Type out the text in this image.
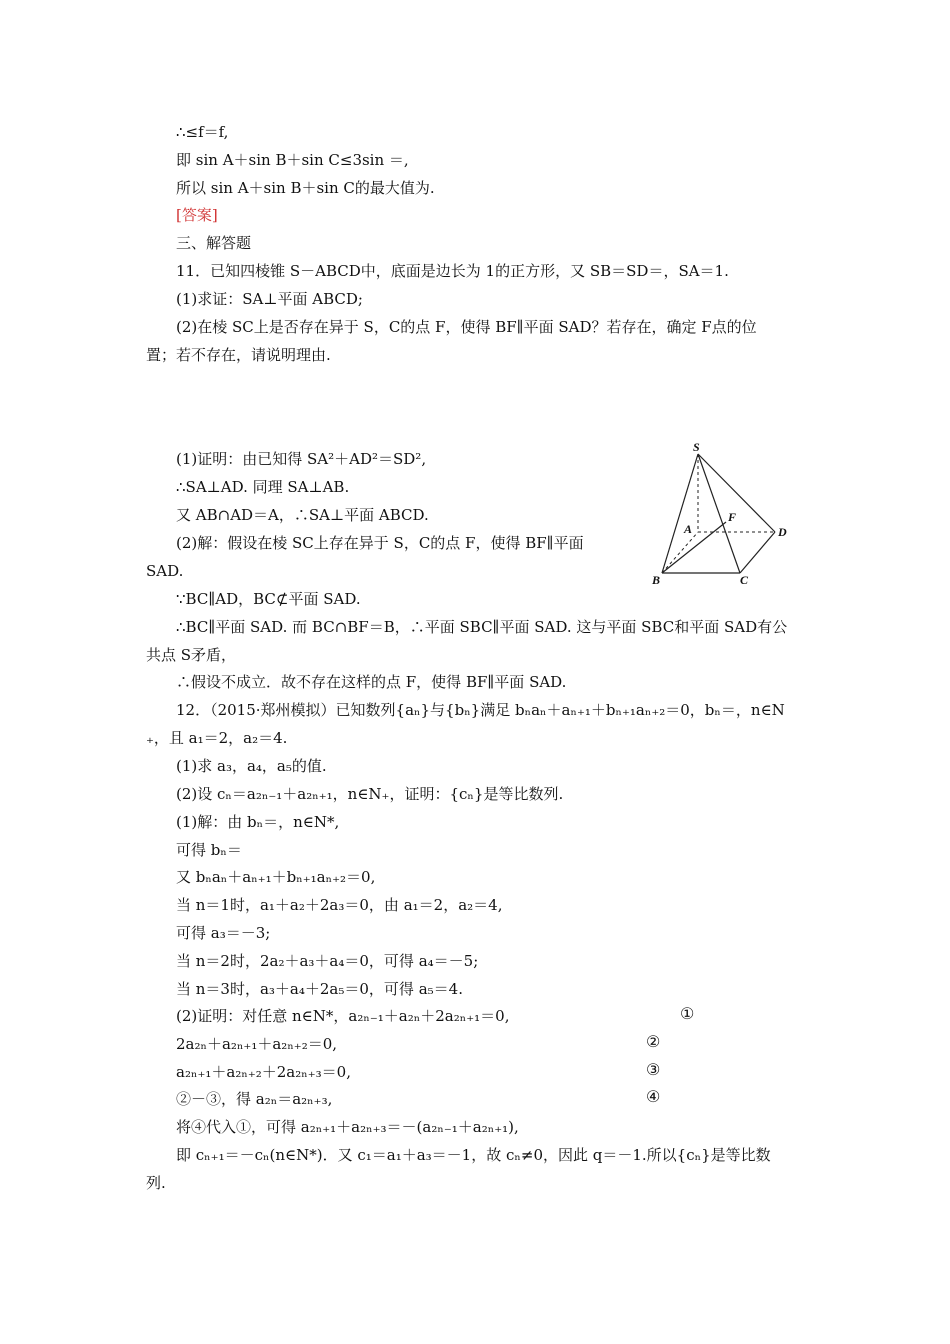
∴≤f＝f,
即 sin A＋sin B＋sin C≤3sin ＝,
所以 sin A＋sin B＋sin C的最大值为.
[答案]
三、解答题
11．已知四棱锥 S－ABCD中，底面是边长为 1的正方形，又 SB＝SD＝，SA＝1.
(1)求证：SA⊥平面 ABCD;
(2)在棱 SC上是否存在异于 S，C的点 F，使得 BF∥平面 SAD？若存在，确定 F点的位
置；若不存在，请说明理由.
(1)证明：由已知得 SA²＋AD²＝SD²,
∴SA⊥AD. 同理 SA⊥AB.
又 AB∩AD＝A，∴SA⊥平面 ABCD.
(2)解：假设在棱 SC上存在异于 S，C的点 F，使得 BF∥平面
SAD.
∵BC∥AD，BC⊄平面 SAD.
∴BC∥平面 SAD. 而 BC∩BF＝B，∴平面 SBC∥平面 SAD. 这与平面 SBC和平面 SAD有公
共点 S矛盾，
∴假设不成立．故不存在这样的点 F，使得 BF∥平面 SAD.
12．（2015·郑州模拟）已知数列{aₙ}与{bₙ}满足 bₙaₙ＋aₙ₊₁＋bₙ₊₁aₙ₊₂＝0，bₙ＝，n∈N
₊，且 a₁＝2，a₂＝4.
(1)求 a₃，a₄，a₅的值.
(2)设 cₙ＝a₂ₙ₋₁＋a₂ₙ₊₁，n∈N₊，证明：{cₙ}是等比数列.
(1)解：由 bₙ＝，n∈N*,
可得 bₙ＝
又 bₙaₙ＋aₙ₊₁＋bₙ₊₁aₙ₊₂＝0,
当 n＝1时，a₁＋a₂＋2a₃＝0，由 a₁＝2，a₂＝4,
可得 a₃＝－3;
当 n＝2时，2a₂＋a₃＋a₄＝0，可得 a₄＝－5;
当 n＝3时，a₃＋a₄＋2a₅＝0，可得 a₅＝4.
(2)证明：对任意 n∈N*，a₂ₙ₋₁＋a₂ₙ＋2a₂ₙ₊₁＝0,
2a₂ₙ＋a₂ₙ₊₁＋a₂ₙ₊₂＝0,
a₂ₙ₊₁＋a₂ₙ₊₂＋2a₂ₙ₊₃＝0,
②－③，得 a₂ₙ＝a₂ₙ₊₃,
将④代入①，可得 a₂ₙ₊₁＋a₂ₙ₊₃＝－(a₂ₙ₋₁＋a₂ₙ₊₁),
即 cₙ₊₁＝－cₙ(n∈N*)．又 c₁＝a₁＋a₃＝－1，故 cₙ≠0，因此 q＝－1.所以{cₙ}是等比数
列.
①
②
③
④
S
A
B	C
D
F
